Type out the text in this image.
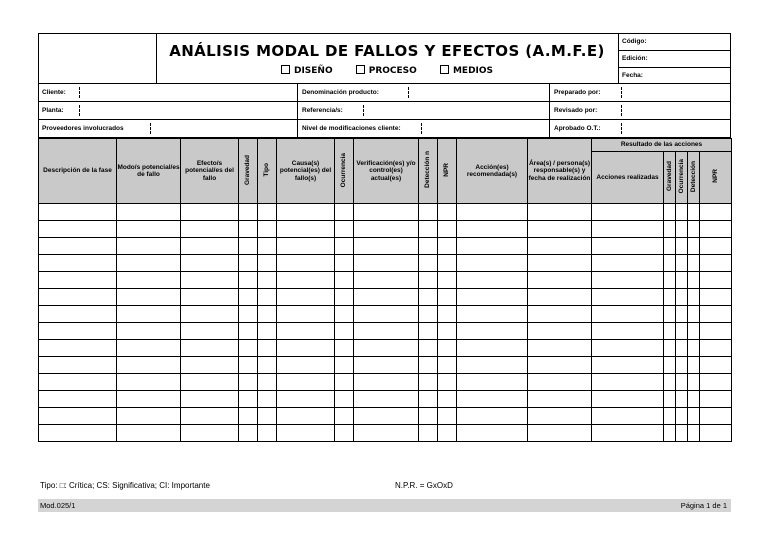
ANÁLISIS MODAL DE FALLOS Y EFECTOS (A.M.F.E)
DISEÑO	PROCESO	MEDIOS
Código:
Edición:
Fecha:
Cliente:	Denominación producto:	Preparado por:
Planta:	Referencia/s:	Revisado por:
Proveedores involucrados	Nivel de modificaciones cliente:	Aprobado O.T.:
Descripción de la fase	Modo/s potencial/es de fallo	Efecto/s potencial/es del fallo	Gravedad	Tipo	Causa(s) potencial(es) del fallo(s)	Ocurrencia	Verificación(es) y/o control(es) actual(es)	Detección n	NPR	Acción(es) recomendada(s)	Área(s) / persona(s) responsable(s) y fecha de realización	Resultado de las acciones				
												Acciones realizadas	Gravedad	Ocurrencia	Detección	NPR

Tipo: □: Crítica; CS: Significativa; CI: Importante	N.P.R. = GxOxD
Mod.025/1	Página 1 de 1
